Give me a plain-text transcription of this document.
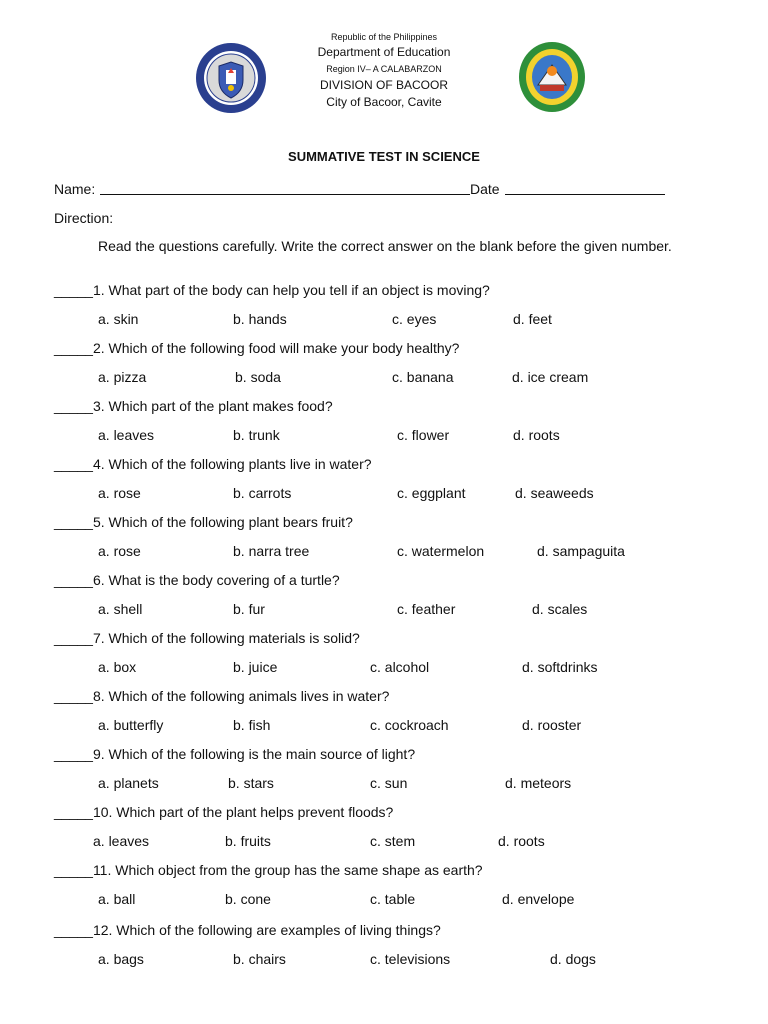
Republic of the Philippines
Department of Education
Region IV– A CALABARZON
DIVISION OF BACOOR
City of Bacoor, Cavite
SUMMATIVE TEST IN SCIENCE
Name:	Date
Direction:
Read the questions carefully. Write the correct answer on the blank before the given number.
_____1. What part of the body can help you tell if an object is moving?
a. skin	b. hands	c. eyes	d. feet
_____2. Which of the following food will make your body healthy?
a. pizza	b. soda	c. banana	d. ice cream
_____3. Which part of the plant makes food?
a. leaves	b. trunk	c. flower	d. roots
_____4. Which of the following plants live in water?
a. rose	b. carrots	c. eggplant	d. seaweeds
_____5. Which of the following plant bears fruit?
a. rose	b. narra tree	c. watermelon	d. sampaguita
_____6. What is the body covering of a turtle?
a. shell	b. fur	c. feather	d. scales
_____7. Which of the following materials is solid?
a. box	b. juice	c. alcohol	d. softdrinks
_____8. Which of the following animals lives in water?
a. butterfly	b. fish	c. cockroach	d. rooster
_____9. Which of the following is the main source of light?
a. planets	b. stars	c. sun	d. meteors
_____10. Which part of the plant helps prevent floods?
a. leaves	b. fruits	c. stem	d. roots
_____11. Which object from the group has the same shape as earth?
a. ball	b. cone	c. table	d. envelope
_____12. Which of the following are examples of living things?
a. bags	b. chairs	c. televisions	d. dogs
